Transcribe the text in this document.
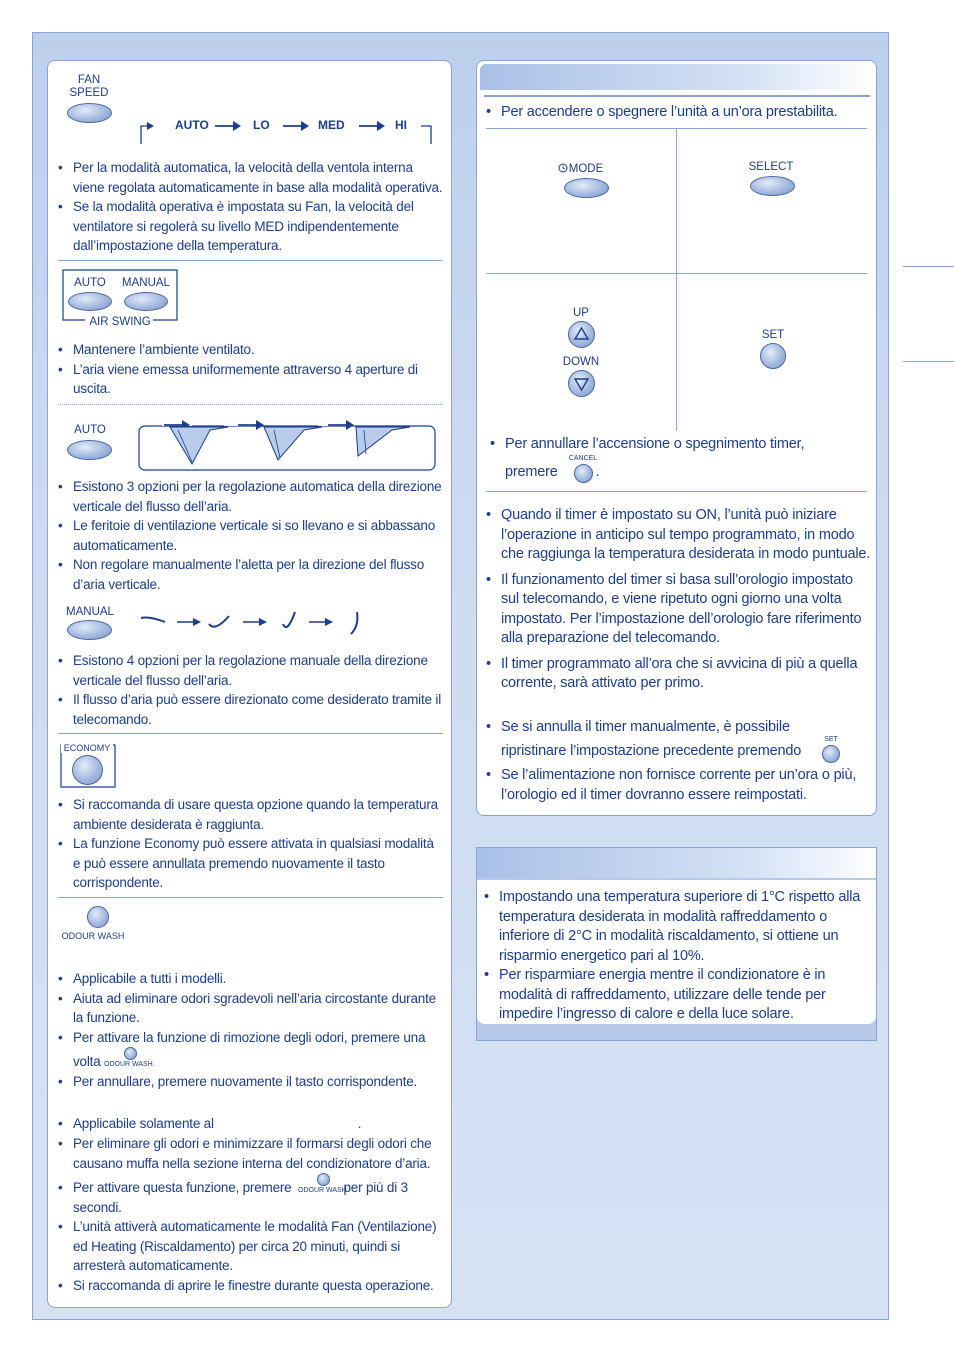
FAN
SPEED
AUTO	LO	MED	HI
• Per la modalità automatica, la velocità della ventola interna viene regolata automaticamente in base alla modalità operativa.
• Se la modalità operativa è impostata su Fan, la velocità del ventilatore si regolerà su livello MED indipendentemente dall’impostazione della temperatura.
AUTO	MANUAL
AIR SWING
• Mantenere l’ambiente ventilato.
• L’aria viene emessa uniformemente attraverso 4 aperture di uscita.
AUTO
• Esistono 3 opzioni per la regolazione automatica della direzione verticale del flusso dell’aria.
• Le feritoie di ventilazione verticale si so llevano e si abbassano automaticamente.
• Non regolare manualmente l’aletta per la direzione del flusso d’aria verticale.
MANUAL
• Esistono 4 opzioni per la regolazione manuale della direzione verticale del flusso dell’aria.
• Il flusso d’aria può essere direzionato come desiderato tramite il telecomando.
ECONOMY
• Si raccomanda di usare questa opzione quando la temperatura ambiente desiderata è raggiunta.
• La funzione Economy può essere attivata in qualsiasi modalità e può essere annullata premendo nuovamente il tasto corrispondente.
ODOUR WASH
• Applicabile a tutti i modelli.
• Aiuta ad eliminare odori sgradevoli nell’aria circostante durante la funzione.
• Per attivare la funzione di rimozione degli odori, premere una
volta ODOUR WASH.
• Per annullare, premere nuovamente il tasto corrispondente.
• Applicabile solamente al	.
• Per eliminare gli odori e minimizzare il formarsi degli odori che causano muffa nella sezione interna del condizionatore d’aria.
• Per attivare questa funzione, premere	per più di 3
secondi.
ODOUR WASH
• L’unità attiverà automaticamente le modalità Fan (Ventilazione) ed Heating (Riscaldamento) per circa 20 minuti, quindi si arresterà automaticamente.
• Si raccomanda di aprire le finestre durante questa operazione.
• Per accendere o spegnere l’unità a un’ora prestabilita.
MODE	SELECT
UP
DOWN
SET
• Per annullare l’accensione o spegnimento timer,
premere	.
CANCEL
• Quando il timer è impostato su ON, l’unità può iniziare l’operazione in anticipo sul tempo programmato, in modo che raggiunga la temperatura desiderata in modo puntuale.
• Il funzionamento del timer si basa sull’orologio impostato sul telecomando, e viene ripetuto ogni giorno una volta impostato. Per l’impostazione dell’orologio fare riferimento alla preparazione del telecomando.
• Il timer programmato all’ora che si avvicina di più a quella corrente, sarà attivato per primo.
• Se si annulla il timer manualmente, è possibile
ripristinare l’impostazione precedente premendo
SET
• Se l’alimentazione non fornisce corrente per un’ora o più, l’orologio ed il timer dovranno essere reimpostati.
• Impostando una temperatura superiore di 1°C rispetto alla temperatura desiderata in modalità raffreddamento o inferiore di 2°C in modalità riscaldamento, si ottiene un risparmio energetico pari al 10%.
• Per risparmiare energia mentre il condizionatore è in modalità di raffreddamento, utilizzare delle tende per impedire l’ingresso di calore e della luce solare.
